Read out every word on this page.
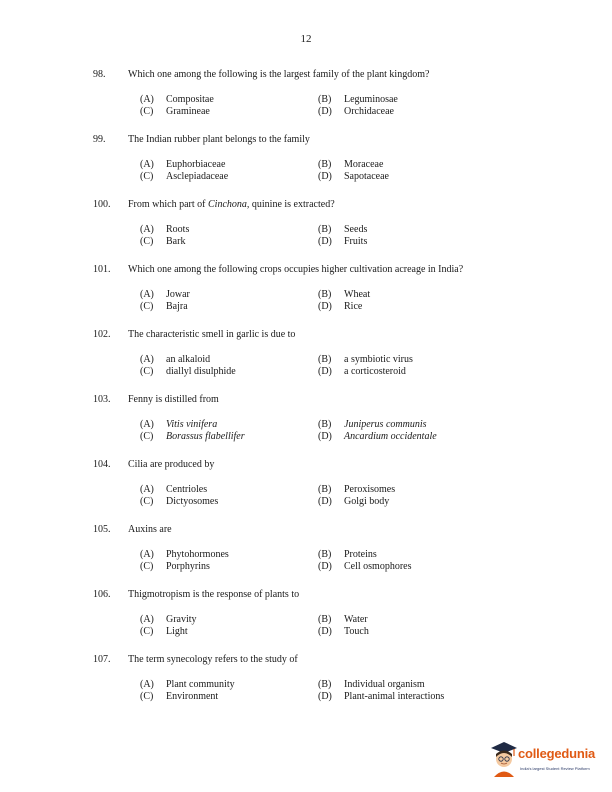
12
98. Which one among the following is the largest family of the plant kingdom?
(A) Compositae	(B) Leguminosae
(C) Gramineae	(D) Orchidaceae
99. The Indian rubber plant belongs to the family
(A) Euphorbiaceae	(B) Moraceae
(C) Asclepiadaceae	(D) Sapotaceae
100. From which part of Cinchona, quinine is extracted?
(A) Roots	(B) Seeds
(C) Bark	(D) Fruits
101. Which one among the following crops occupies higher cultivation acreage in India?
(A) Jowar	(B) Wheat
(C) Bajra	(D) Rice
102. The characteristic smell in garlic is due to
(A) an alkaloid	(B) a symbiotic virus
(C) diallyl disulphide	(D) a corticosteroid
103. Fenny is distilled from
(A) Vitis vinifera	(B) Juniperus communis
(C) Borassus flabellifer	(D) Ancardium occidentale
104. Cilia are produced by
(A) Centrioles	(B) Peroxisomes
(C) Dictyosomes	(D) Golgi body
105. Auxins are
(A) Phytohormones	(B) Proteins
(C) Porphyrins	(D) Cell osmophores
106. Thigmotropism is the response of plants to
(A) Gravity	(B) Water
(C) Light	(D) Touch
107. The term synecology refers to the study of
(A) Plant community	(B) Individual organism
(C) Environment	(D) Plant-animal interactions
collegedunia
India's largest Student Review Platform
